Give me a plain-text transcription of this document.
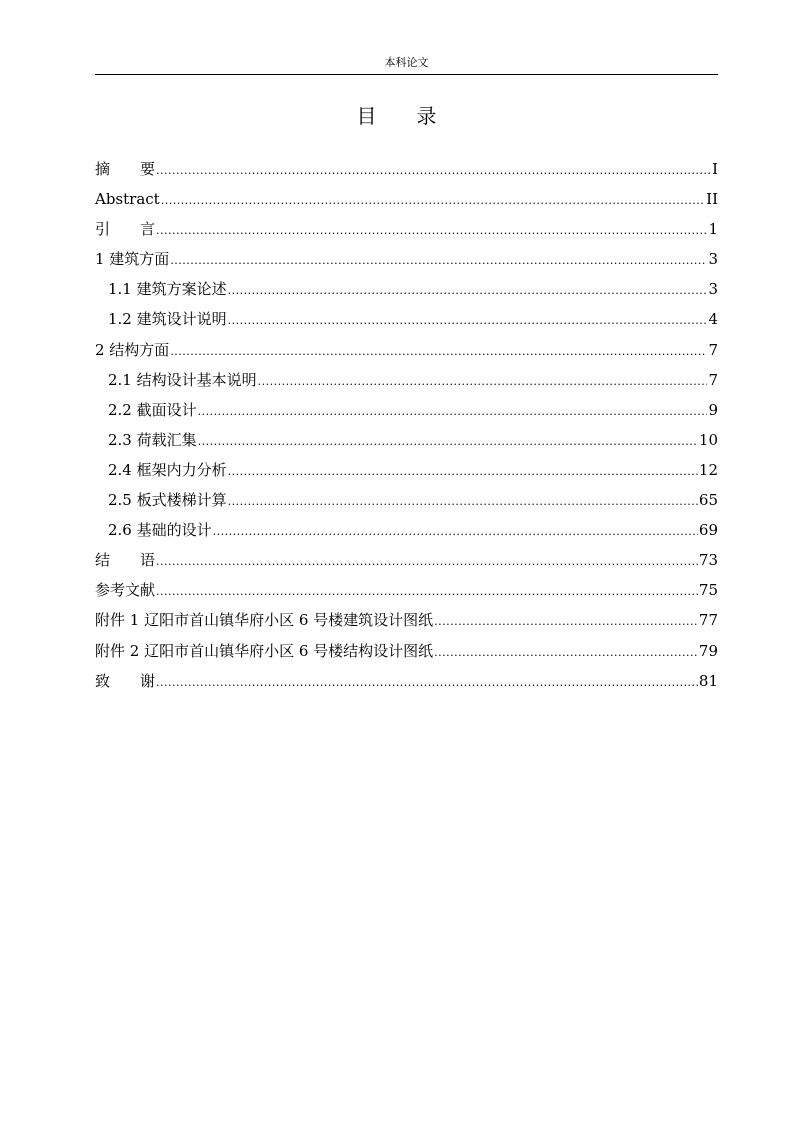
本科论文
目录
摘　　要 .....	I
Abstract .....	II
引　　言 .....	1
1 建筑方面 .....	3
1.1 建筑方案论述 .....	3
1.2 建筑设计说明 .....	4
2 结构方面 .....	7
2.1 结构设计基本说明 .....	7
2.2 截面设计 .....	9
2.3 荷载汇集 .....	10
2.4 框架内力分析 .....	12
2.5 板式楼梯计算 .....	65
2.6 基础的设计 .....	69
结　　语 .....	73
参考文献 .....	75
附件 1 辽阳市首山镇华府小区 6 号楼建筑设计图纸 .....	77
附件 2 辽阳市首山镇华府小区 6 号楼结构设计图纸 .....	79
致　　谢 .....	81
